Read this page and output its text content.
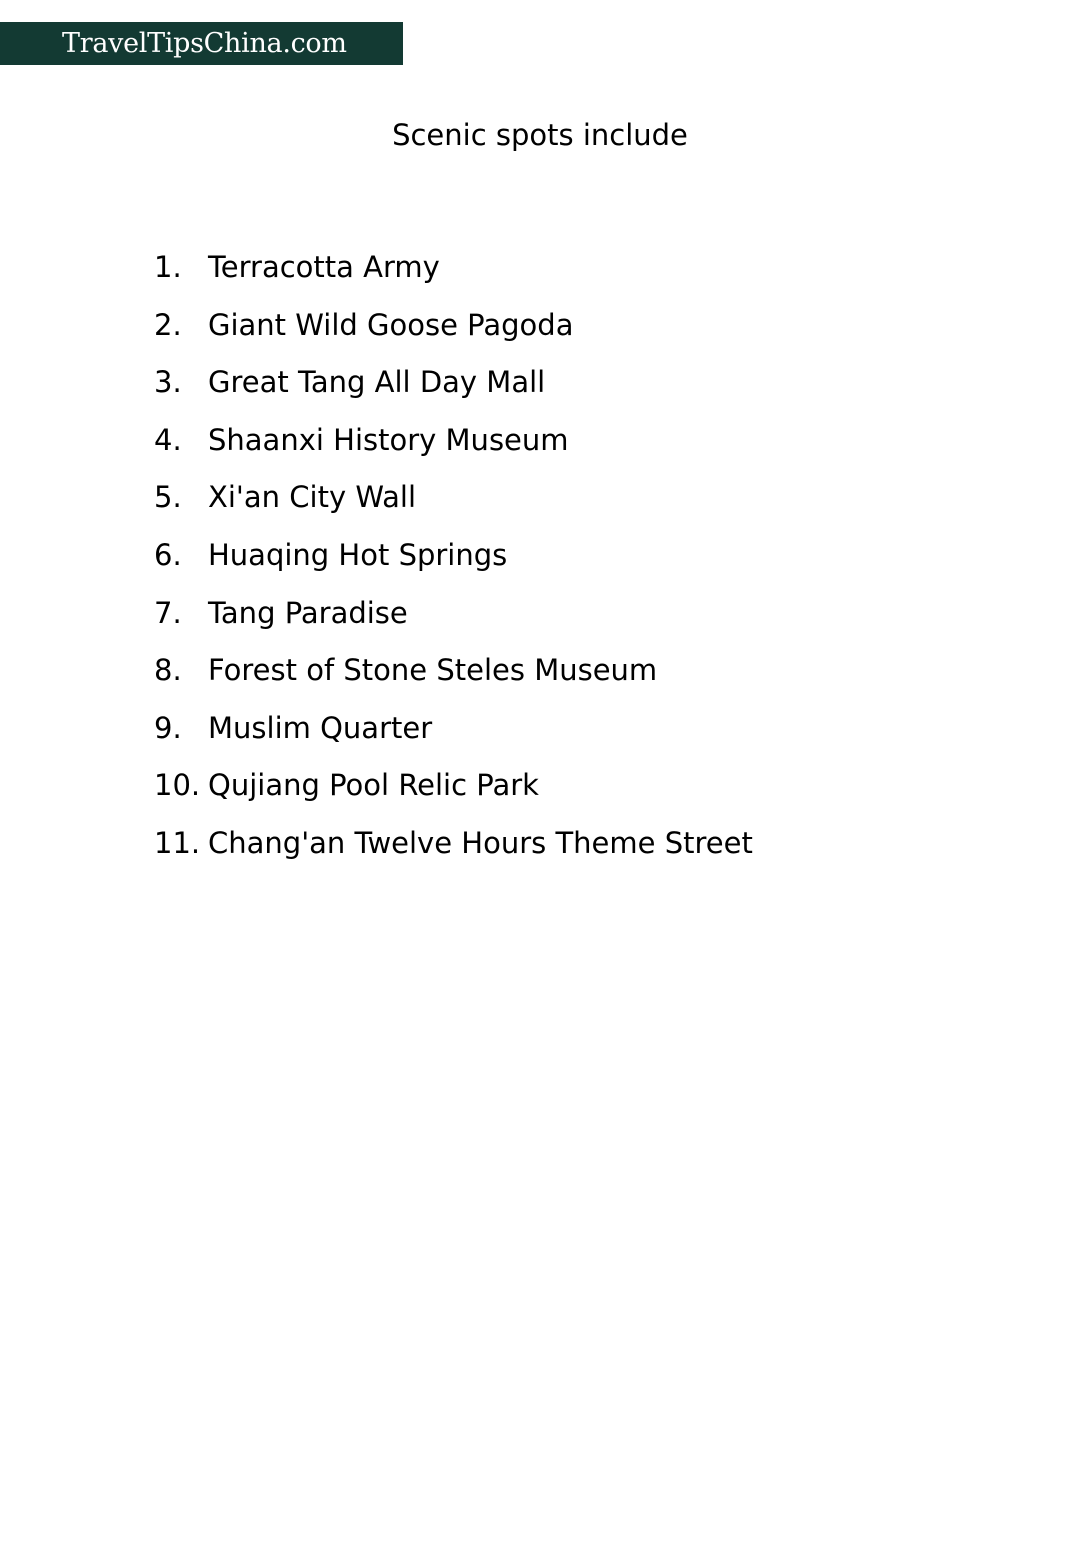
TravelTipsChina.com
Scenic spots include
1. Terracotta Army
2. Giant Wild Goose Pagoda
3. Great Tang All Day Mall
4. Shaanxi History Museum
5. Xi'an City Wall
6. Huaqing Hot Springs
7. Tang Paradise
8. Forest of Stone Steles Museum
9. Muslim Quarter
10. Qujiang Pool Relic Park
11. Chang'an Twelve Hours Theme Street
